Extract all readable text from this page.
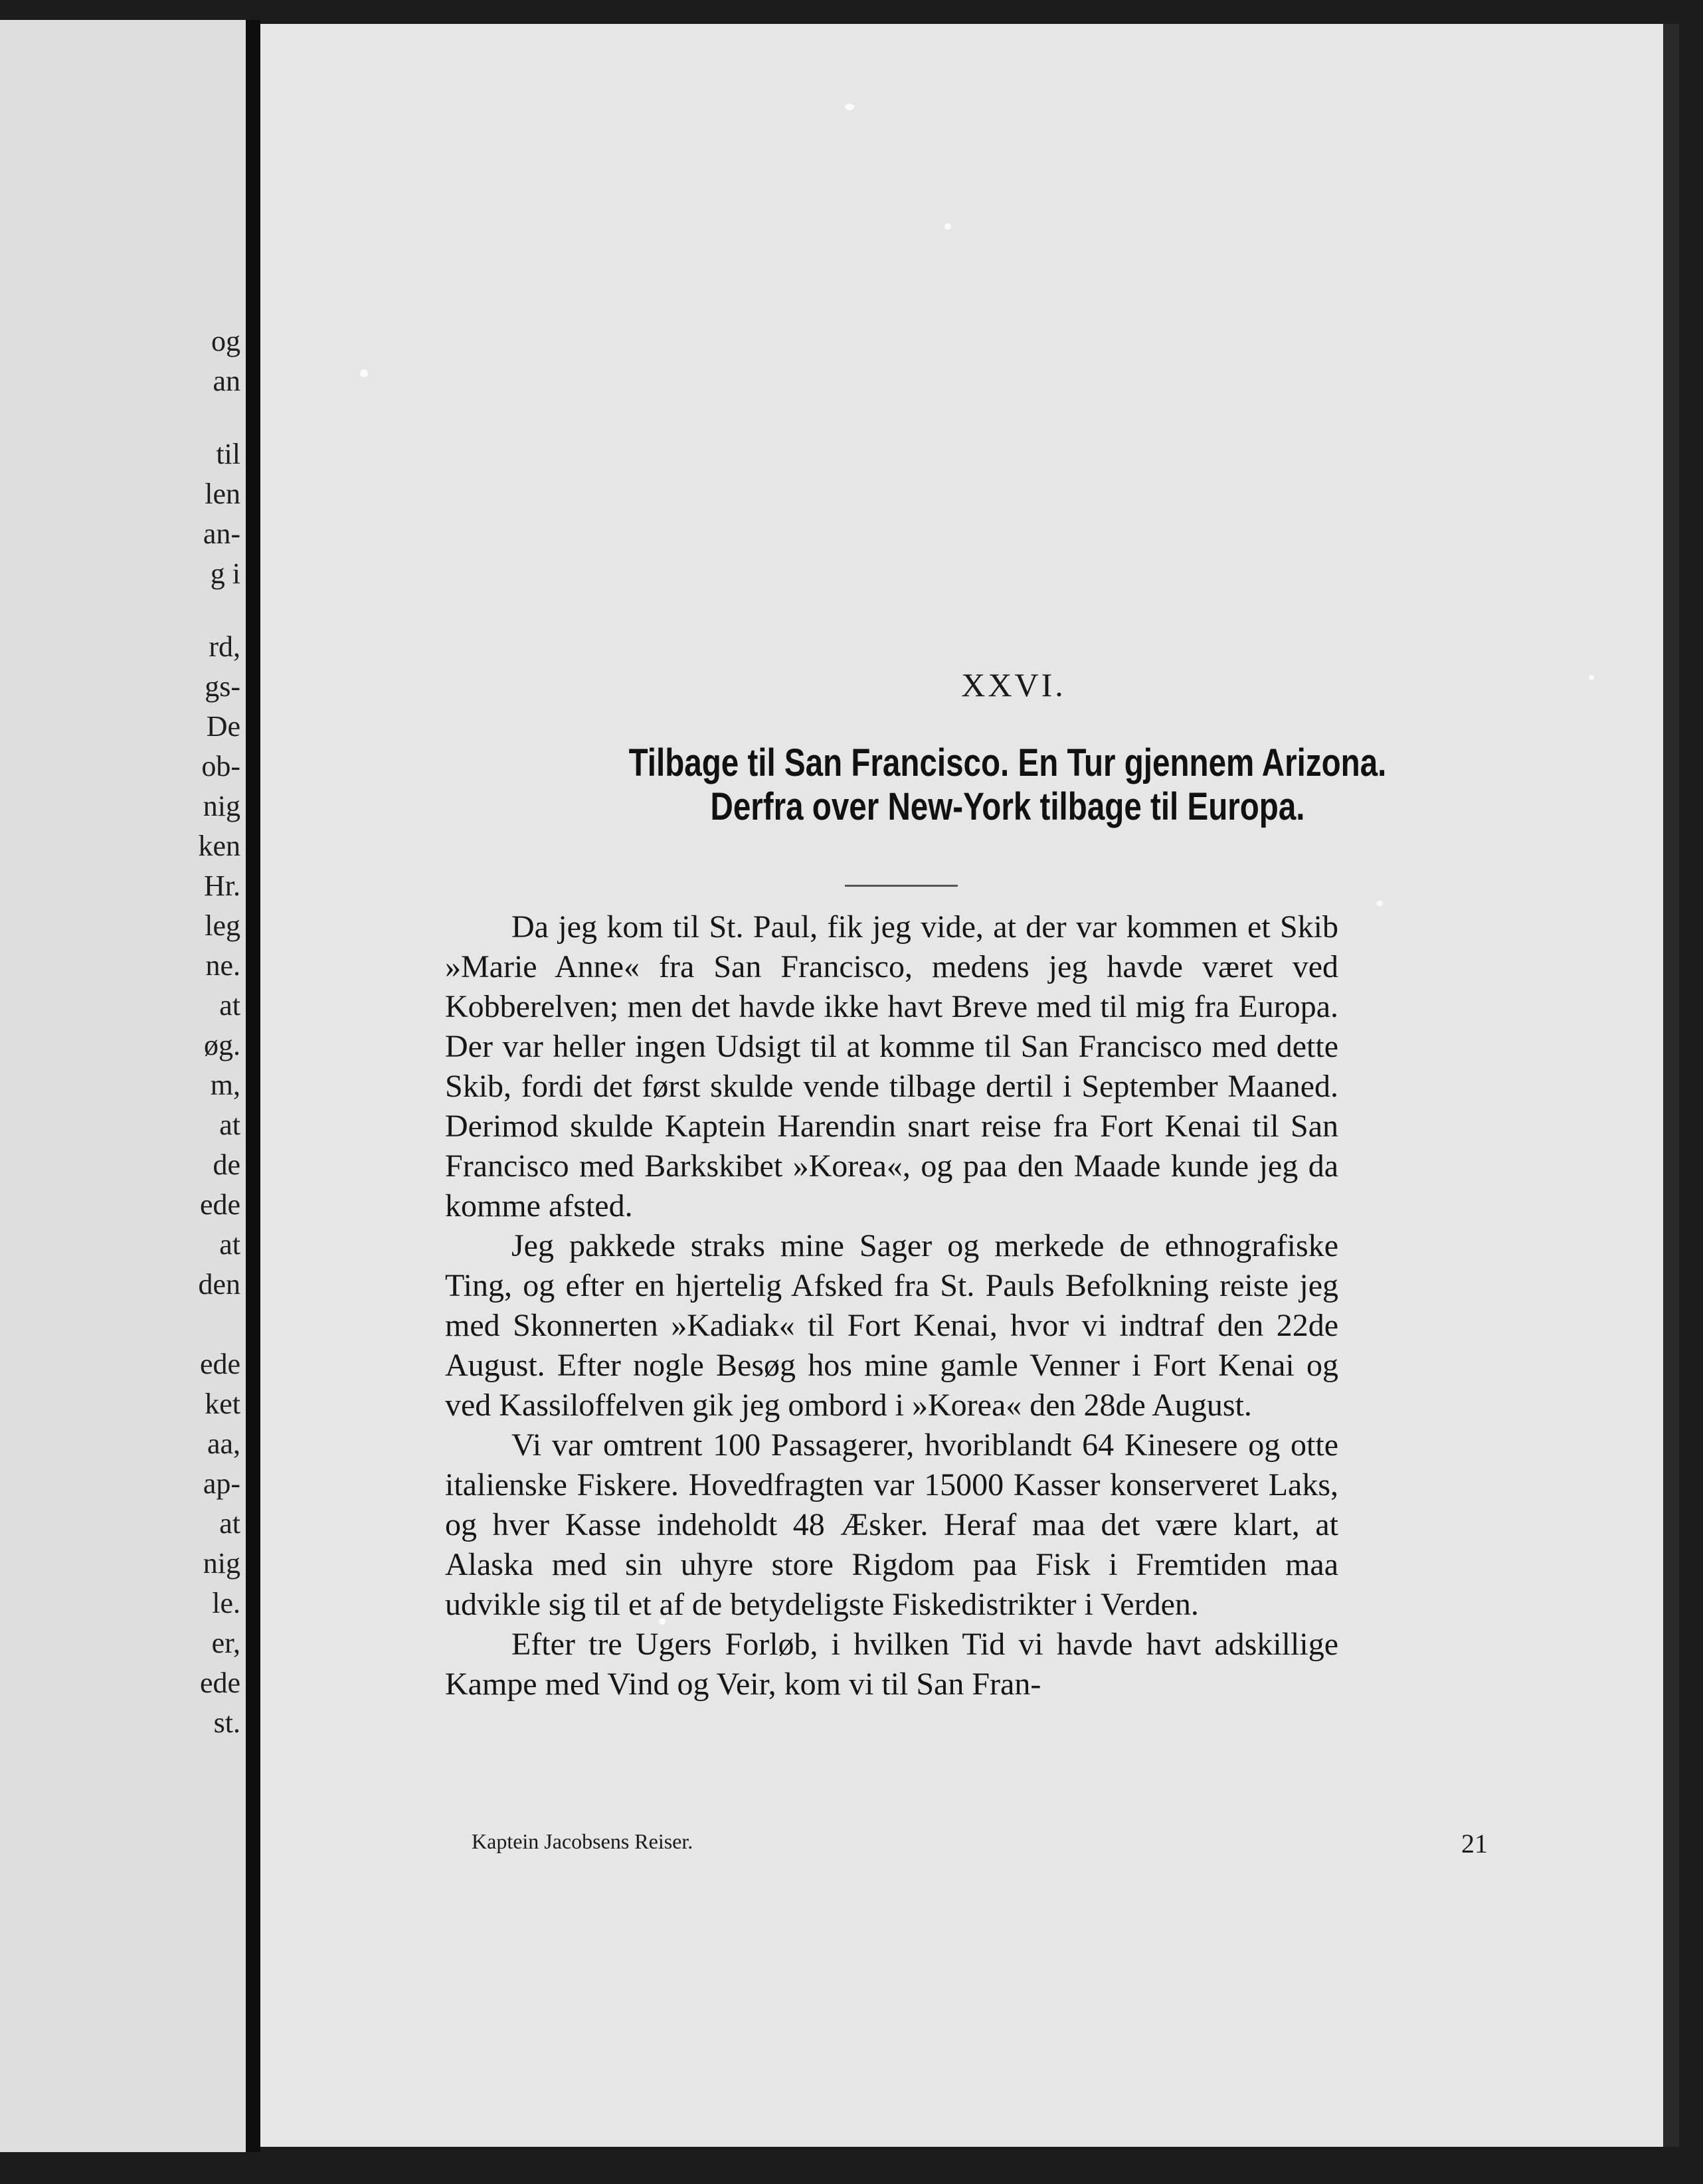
og
an
til
len
an-
g i
rd,
gs-
De
ob-
nig
ken
Hr.
leg
ne.
at
øg.
m,
at
de
ede
at
den
ede
ket
aa,
ap-
at
nig
le.
er,
ede
st.
XXVI.
Tilbage til San Francisco. En Tur gjennem Arizona.
Derfra over New-York tilbage til Europa.

Da jeg kom til St. Paul, fik jeg vide, at der var kommen et Skib »Marie Anne« fra San Francisco, medens jeg havde været ved Kobberelven; men det havde ikke havt Breve med til mig fra Europa. Der var heller ingen Udsigt til at komme til San Francisco med dette Skib, fordi det først skulde vende tilbage dertil i September Maaned. Derimod skulde Kaptein Harendin snart reise fra Fort Kenai til San Francisco med Barkskibet »Korea«, og paa den Maade kunde jeg da komme afsted.

Jeg pakkede straks mine Sager og merkede de ethnografiske Ting, og efter en hjertelig Afsked fra St. Pauls Befolkning reiste jeg med Skonnerten »Kadiak« til Fort Kenai, hvor vi indtraf den 22de August. Efter nogle Besøg hos mine gamle Venner i Fort Kenai og ved Kassiloffelven gik jeg ombord i »Korea« den 28de August.

Vi var omtrent 100 Passagerer, hvoriblandt 64 Kinesere og otte italienske Fiskere. Hovedfragten var 15000 Kasser konserveret Laks, og hver Kasse indeholdt 48 Æsker. Heraf maa det være klart, at Alaska med sin uhyre store Rigdom paa Fisk i Fremtiden maa udvikle sig til et af de betydeligste Fiskedistrikter i Verden.

Efter tre Ugers Forløb, i hvilken Tid vi havde havt adskillige Kampe med Vind og Veir, kom vi til San Fran-

Kaptein Jacobsens Reiser.	21
